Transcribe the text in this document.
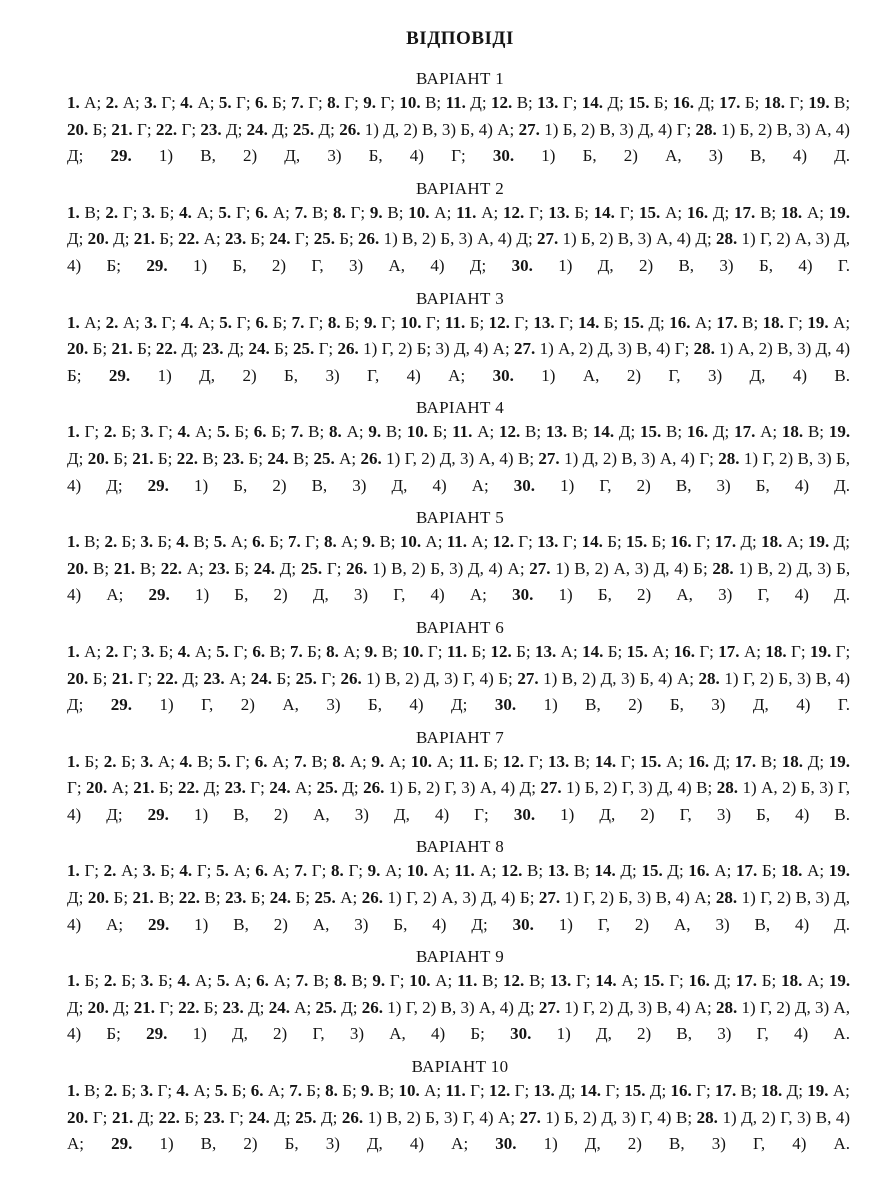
ВІДПОВІДІ
ВАРІАНТ 1
1. А; 2. А; 3. Г; 4. А; 5. Г; 6. Б; 7. Г; 8. Г; 9. Г; 10. В; 11. Д; 12. В; 13. Г; 14. Д; 15. Б; 16. Д; 17. Б; 18. Г; 19. В; 20. Б; 21. Г; 22. Г; 23. Д; 24. Д; 25. Д; 26. 1) Д, 2) В, 3) Б, 4) А; 27. 1) Б, 2) В, 3) Д, 4) Г; 28. 1) Б, 2) В, 3) А, 4) Д; 29. 1) В, 2) Д, 3) Б, 4) Г; 30. 1) Б, 2) А, 3) В, 4) Д.
ВАРІАНТ 2
1. В; 2. Г; 3. Б; 4. А; 5. Г; 6. А; 7. В; 8. Г; 9. В; 10. А; 11. А; 12. Г; 13. Б; 14. Г; 15. А; 16. Д; 17. В; 18. А; 19. Д; 20. Д; 21. Б; 22. А; 23. Б; 24. Г; 25. Б; 26. 1) В, 2) Б, 3) А, 4) Д; 27. 1) Б, 2) В, 3) А, 4) Д; 28. 1) Г, 2) А, 3) Д, 4) Б; 29. 1) Б, 2) Г, 3) А, 4) Д; 30. 1) Д, 2) В, 3) Б, 4) Г.
ВАРІАНТ 3
1. А; 2. А; 3. Г; 4. А; 5. Г; 6. Б; 7. Г; 8. Б; 9. Г; 10. Г; 11. Б; 12. Г; 13. Г; 14. Б; 15. Д; 16. А; 17. В; 18. Г; 19. А; 20. Б; 21. Б; 22. Д; 23. Д; 24. Б; 25. Г; 26. 1) Г, 2) Б; 3) Д, 4) А; 27. 1) А, 2) Д, 3) В, 4) Г; 28. 1) А, 2) В, 3) Д, 4) Б; 29. 1) Д, 2) Б, 3) Г, 4) А; 30. 1) А, 2) Г, 3) Д, 4) В.
ВАРІАНТ 4
1. Г; 2. Б; 3. Г; 4. А; 5. Б; 6. Б; 7. В; 8. А; 9. В; 10. Б; 11. А; 12. В; 13. В; 14. Д; 15. В; 16. Д; 17. А; 18. В; 19. Д; 20. Б; 21. Б; 22. В; 23. Б; 24. В; 25. А; 26. 1) Г, 2) Д, 3) А, 4) В; 27. 1) Д, 2) В, 3) А, 4) Г; 28. 1) Г, 2) В, 3) Б, 4) Д; 29. 1) Б, 2) В, 3) Д, 4) А; 30. 1) Г, 2) В, 3) Б, 4) Д.
ВАРІАНТ 5
1. В; 2. Б; 3. Б; 4. В; 5. А; 6. Б; 7. Г; 8. А; 9. В; 10. А; 11. А; 12. Г; 13. Г; 14. Б; 15. Б; 16. Г; 17. Д; 18. А; 19. Д; 20. В; 21. В; 22. А; 23. Б; 24. Д; 25. Г; 26. 1) В, 2) Б, 3) Д, 4) А; 27. 1) В, 2) А, 3) Д, 4) Б; 28. 1) В, 2) Д, 3) Б, 4) А; 29. 1) Б, 2) Д, 3) Г, 4) А; 30. 1) Б, 2) А, 3) Г, 4) Д.
ВАРІАНТ 6
1. А; 2. Г; 3. Б; 4. А; 5. Г; 6. В; 7. Б; 8. А; 9. В; 10. Г; 11. Б; 12. Б; 13. А; 14. Б; 15. А; 16. Г; 17. А; 18. Г; 19. Г; 20. Б; 21. Г; 22. Д; 23. А; 24. Б; 25. Г; 26. 1) В, 2) Д, 3) Г, 4) Б; 27. 1) В, 2) Д, 3) Б, 4) А; 28. 1) Г, 2) Б, 3) В, 4) Д; 29. 1) Г, 2) А, 3) Б, 4) Д; 30. 1) В, 2) Б, 3) Д, 4) Г.
ВАРІАНТ 7
1. Б; 2. Б; 3. А; 4. В; 5. Г; 6. А; 7. В; 8. А; 9. А; 10. А; 11. Б; 12. Г; 13. В; 14. Г; 15. А; 16. Д; 17. В; 18. Д; 19. Г; 20. А; 21. Б; 22. Д; 23. Г; 24. А; 25. Д; 26. 1) Б, 2) Г, 3) А, 4) Д; 27. 1) Б, 2) Г, 3) Д, 4) В; 28. 1) А, 2) Б, 3) Г, 4) Д; 29. 1) В, 2) А, 3) Д, 4) Г; 30. 1) Д, 2) Г, 3) Б, 4) В.
ВАРІАНТ 8
1. Г; 2. А; 3. Б; 4. Г; 5. А; 6. А; 7. Г; 8. Г; 9. А; 10. А; 11. А; 12. В; 13. В; 14. Д; 15. Д; 16. А; 17. Б; 18. А; 19. Д; 20. Б; 21. В; 22. В; 23. Б; 24. Б; 25. А; 26. 1) Г, 2) А, 3) Д, 4) Б; 27. 1) Г, 2) Б, 3) В, 4) А; 28. 1) Г, 2) В, 3) Д, 4) А; 29. 1) В, 2) А, 3) Б, 4) Д; 30. 1) Г, 2) А, 3) В, 4) Д.
ВАРІАНТ 9
1. Б; 2. Б; 3. Б; 4. А; 5. А; 6. А; 7. В; 8. В; 9. Г; 10. А; 11. В; 12. В; 13. Г; 14. А; 15. Г; 16. Д; 17. Б; 18. А; 19. Д; 20. Д; 21. Г; 22. Б; 23. Д; 24. А; 25. Д; 26. 1) Г, 2) В, 3) А, 4) Д; 27. 1) Г, 2) Д, 3) В, 4) А; 28. 1) Г, 2) Д, 3) А, 4) Б; 29. 1) Д, 2) Г, 3) А, 4) Б; 30. 1) Д, 2) В, 3) Г, 4) А.
ВАРІАНТ 10
1. В; 2. Б; 3. Г; 4. А; 5. Б; 6. А; 7. Б; 8. Б; 9. В; 10. А; 11. Г; 12. Г; 13. Д; 14. Г; 15. Д; 16. Г; 17. В; 18. Д; 19. А; 20. Г; 21. Д; 22. Б; 23. Г; 24. Д; 25. Д; 26. 1) В, 2) Б, 3) Г, 4) А; 27. 1) Б, 2) Д, 3) Г, 4) В; 28. 1) Д, 2) Г, 3) В, 4) А; 29. 1) В, 2) Б, 3) Д, 4) А; 30. 1) Д, 2) В, 3) Г, 4) А.
